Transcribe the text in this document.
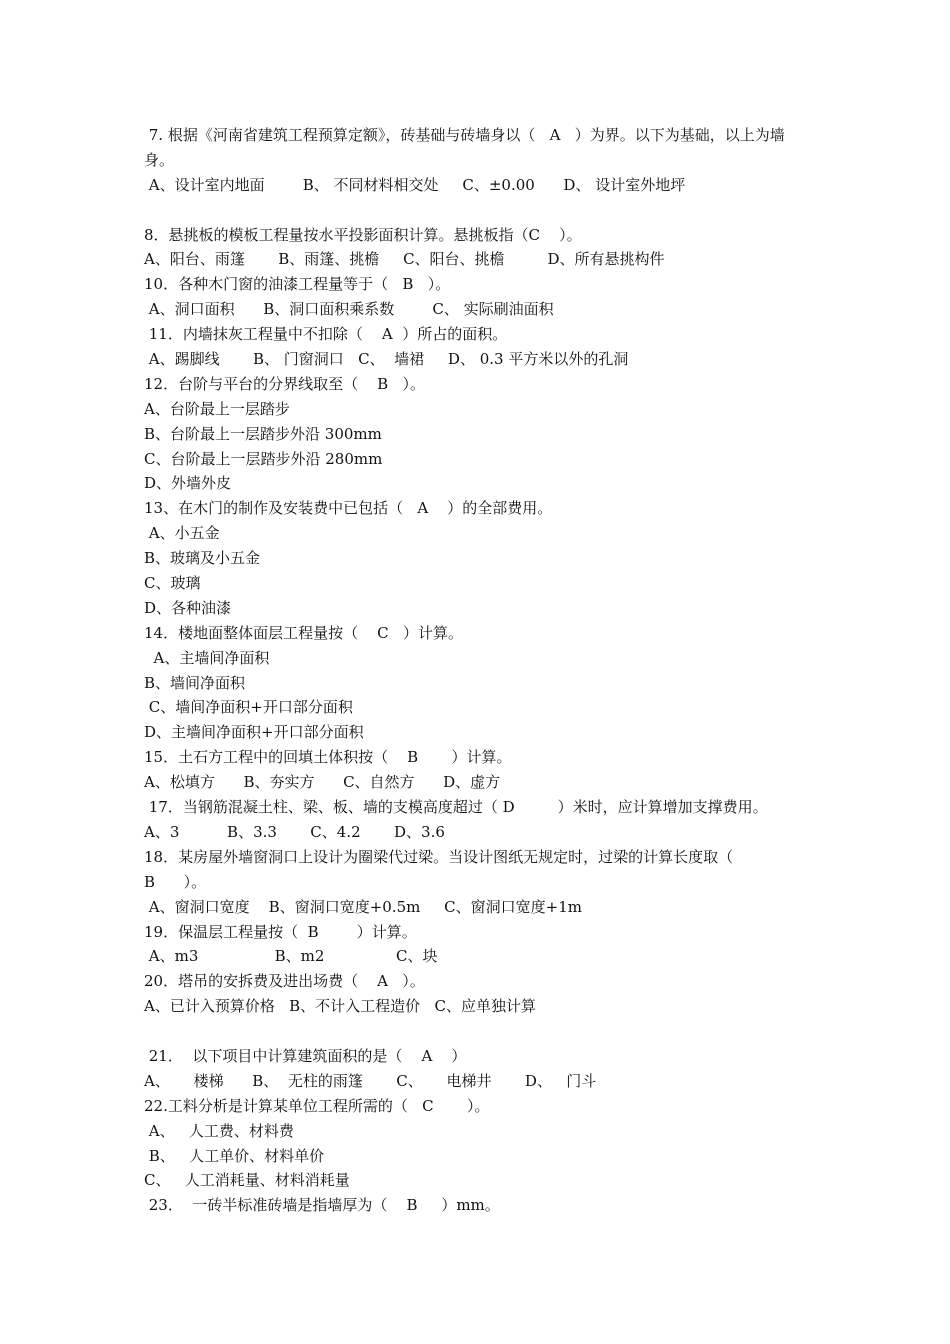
7. 根据《河南省建筑工程预算定额》，砖基础与砖墙身以（   A   ）为界。以下为基础，以上为墙
身。
A、设计室内地面        B、 不同材料相交处     C、±0.00      D、 设计室外地坪
8．悬挑板的模板工程量按水平投影面积计算。悬挑板指（C    ）。
A、阳台、雨篷       B、雨篷、挑檐     C、阳台、挑檐         D、所有悬挑构件
10．各种木门窗的油漆工程量等于（   B   ）。
A、洞口面积      B、洞口面积乘系数        C、 实际刷油面积
11．内墙抹灰工程量中不扣除（    A  ）所占的面积。
A、踢脚线       B、 门窗洞口   C、  墙裙     D、 0.3 平方米以外的孔洞
12．台阶与平台的分界线取至（    B   ）。
A、台阶最上一层踏步
B、台阶最上一层踏步外沿 300mm
C、台阶最上一层踏步外沿 280mm
D、外墙外皮
13、在木门的制作及安装费中已包括（   A    ）的全部费用。
A、小五金
B、玻璃及小五金
C、玻璃
D、各种油漆
14．楼地面整体面层工程量按（    C   ）计算。
A、主墙间净面积
B、墙间净面积
C、墙间净面积+开口部分面积
D、主墙间净面积+开口部分面积
15．土石方工程中的回填土体积按（    B       ）计算。
A、松填方      B、夯实方      C、自然方      D、虚方
17．当钢筋混凝土柱、梁、板、墙的支模高度超过（ D         ）米时，应计算增加支撑费用。
A、3          B、3.3       C、4.2       D、3.6
18．某房屋外墙窗洞口上设计为圈梁代过梁。当设计图纸无规定时，过梁的计算长度取（
B      ）。
A、窗洞口宽度    B、窗洞口宽度+0.5m     C、窗洞口宽度+1m
19．保温层工程量按（  B        ）计算。
A、m3                B、m2               C、块
20．塔吊的安拆费及进出场费（    A   ）。
A、已计入预算价格   B、不计入工程造价   C、应单独计算
21．  以下项目中计算建筑面积的是（    A    ）
A、     楼梯      B、  无柱的雨篷       C、     电梯井       D、   门斗
22.工料分析是计算某单位工程所需的（   C       ）。
A、   人工费、材料费
B、   人工单价、材料单价
C、   人工消耗量、材料消耗量
23．  一砖半标准砖墙是指墙厚为（    B     ）mm。
